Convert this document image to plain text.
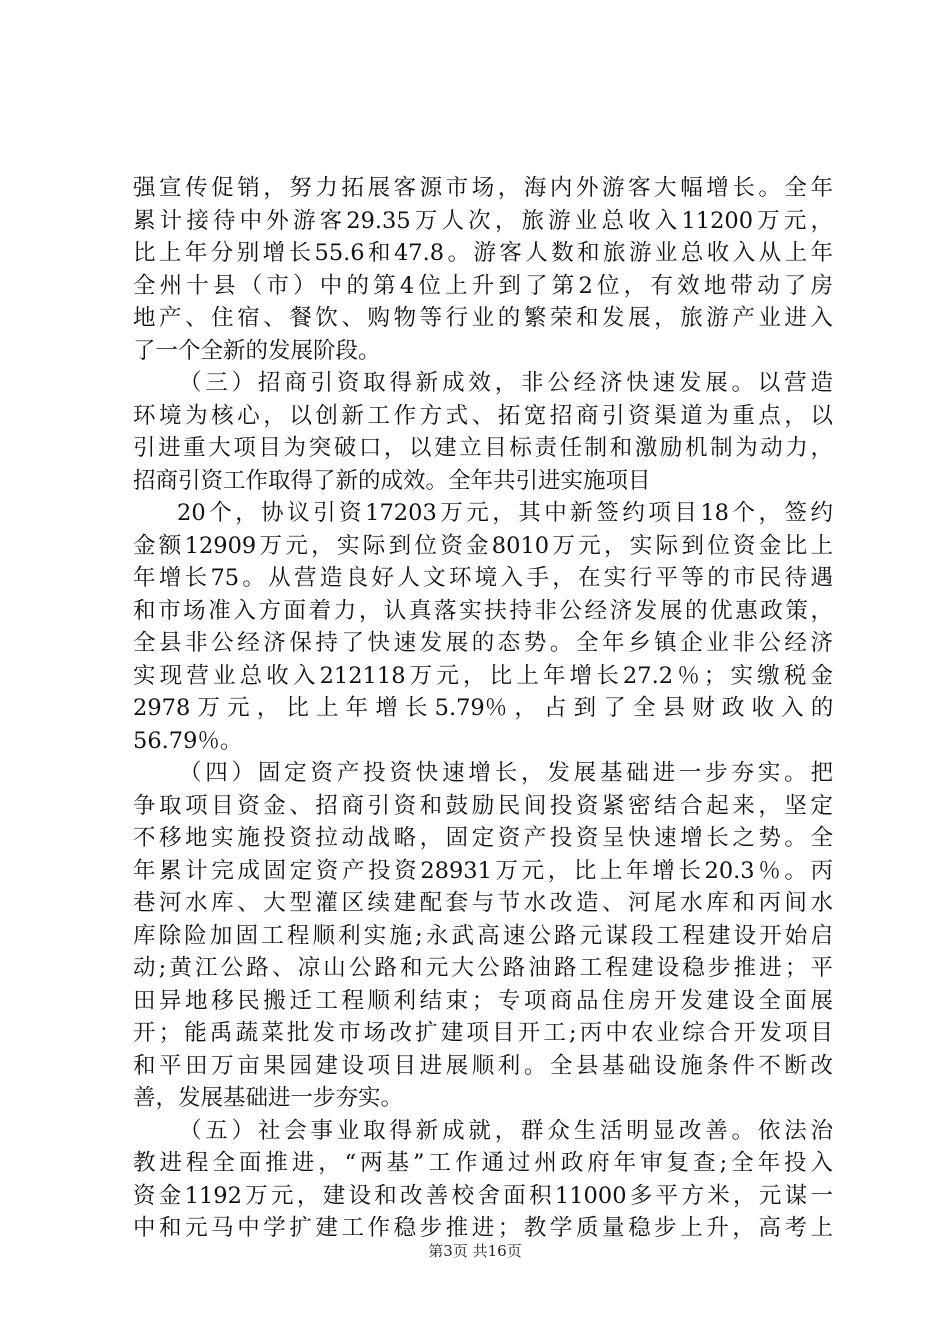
强宣传促销，努力拓展客源市场，海内外游客大幅增长。全年
累计接待中外游客29.35万人次，旅游业总收入11200万元，
比上年分别增长55.6和47.8。游客人数和旅游业总收入从上年
全州十县（市）中的第4位上升到了第2位，有效地带动了房
地产、住宿、餐饮、购物等行业的繁荣和发展，旅游产业进入
了一个全新的发展阶段。
（三）招商引资取得新成效，非公经济快速发展。以营造
环境为核心，以创新工作方式、拓宽招商引资渠道为重点，以
引进重大项目为突破口，以建立目标责任制和激励机制为动力，
招商引资工作取得了新的成效。全年共引进实施项目
20个，协议引资17203万元，其中新签约项目18个，签约
金额12909万元，实际到位资金8010万元，实际到位资金比上
年增长75。从营造良好人文环境入手，在实行平等的市民待遇
和市场准入方面着力，认真落实扶持非公经济发展的优惠政策，
全县非公经济保持了快速发展的态势。全年乡镇企业非公经济
实现营业总收入212118万元，比上年增长27.2％；实缴税金
2978 万 元 ， 比 上 年 增 长 5.79％ ， 占 到 了 全 县 财 政 收 入 的
56.79％。
（四）固定资产投资快速增长，发展基础进一步夯实。把
争取项目资金、招商引资和鼓励民间投资紧密结合起来，坚定
不移地实施投资拉动战略，固定资产投资呈快速增长之势。全
年累计完成固定资产投资28931万元，比上年增长20.3％。丙
巷河水库、大型灌区续建配套与节水改造、河尾水库和丙间水
库除险加固工程顺利实施;永武高速公路元谋段工程建设开始启
动;黄江公路、凉山公路和元大公路油路工程建设稳步推进；平
田异地移民搬迁工程顺利结束；专项商品住房开发建设全面展
开；能禹蔬菜批发市场改扩建项目开工;丙中农业综合开发项目
和平田万亩果园建设项目进展顺利。全县基础设施条件不断改
善，发展基础进一步夯实。
（五）社会事业取得新成就，群众生活明显改善。依法治
教进程全面推进，“两基”工作通过州政府年审复查;全年投入
资金1192万元，建设和改善校舍面积11000多平方米，元谋一
中和元马中学扩建工作稳步推进；教学质量稳步上升，高考上
第3页 共16页
